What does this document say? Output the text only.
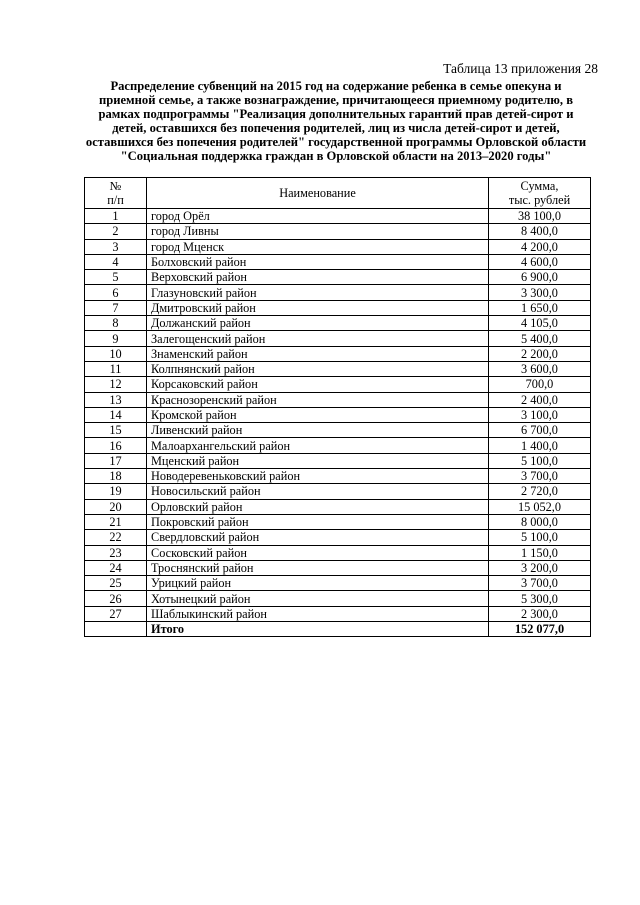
Таблица 13 приложения 28
Распределение субвенций на 2015 год на содержание ребенка в семье опекуна и
приемной семье, а также вознаграждение, причитающееся приемному родителю, в
рамках подпрограммы "Реализация дополнительных гарантий прав детей-сирот и
детей, оставшихся без попечения родителей, лиц из числа детей-сирот и детей,
оставшихся без попечения родителей" государственной программы Орловской области
"Социальная поддержка граждан в Орловской области на 2013–2020 годы"
№
п/п	Наименование	Сумма,
тыс. рублей
1	город Орёл	38 100,0
2	город Ливны	8 400,0
3	город Мценск	4 200,0
4	Болховский район	4 600,0
5	Верховский район	6 900,0
6	Глазуновский район	3 300,0
7	Дмитровский район	1 650,0
8	Должанский район	4 105,0
9	Залегощенский район	5 400,0
10	Знаменский район	2 200,0
11	Колпнянский район	3 600,0
12	Корсаковский район	700,0
13	Краснозоренский район	2 400,0
14	Кромской район	3 100,0
15	Ливенский район	6 700,0
16	Малоархангельский район	1 400,0
17	Мценский район	5 100,0
18	Новодеревеньковский район	3 700,0
19	Новосильский район	2 720,0
20	Орловский район	15 052,0
21	Покровский район	8 000,0
22	Свердловский район	5 100,0
23	Сосковский район	1 150,0
24	Троснянский район	3 200,0
25	Урицкий район	3 700,0
26	Хотынецкий район	5 300,0
27	Шаблыкинский район	2 300,0
	Итого	152 077,0
